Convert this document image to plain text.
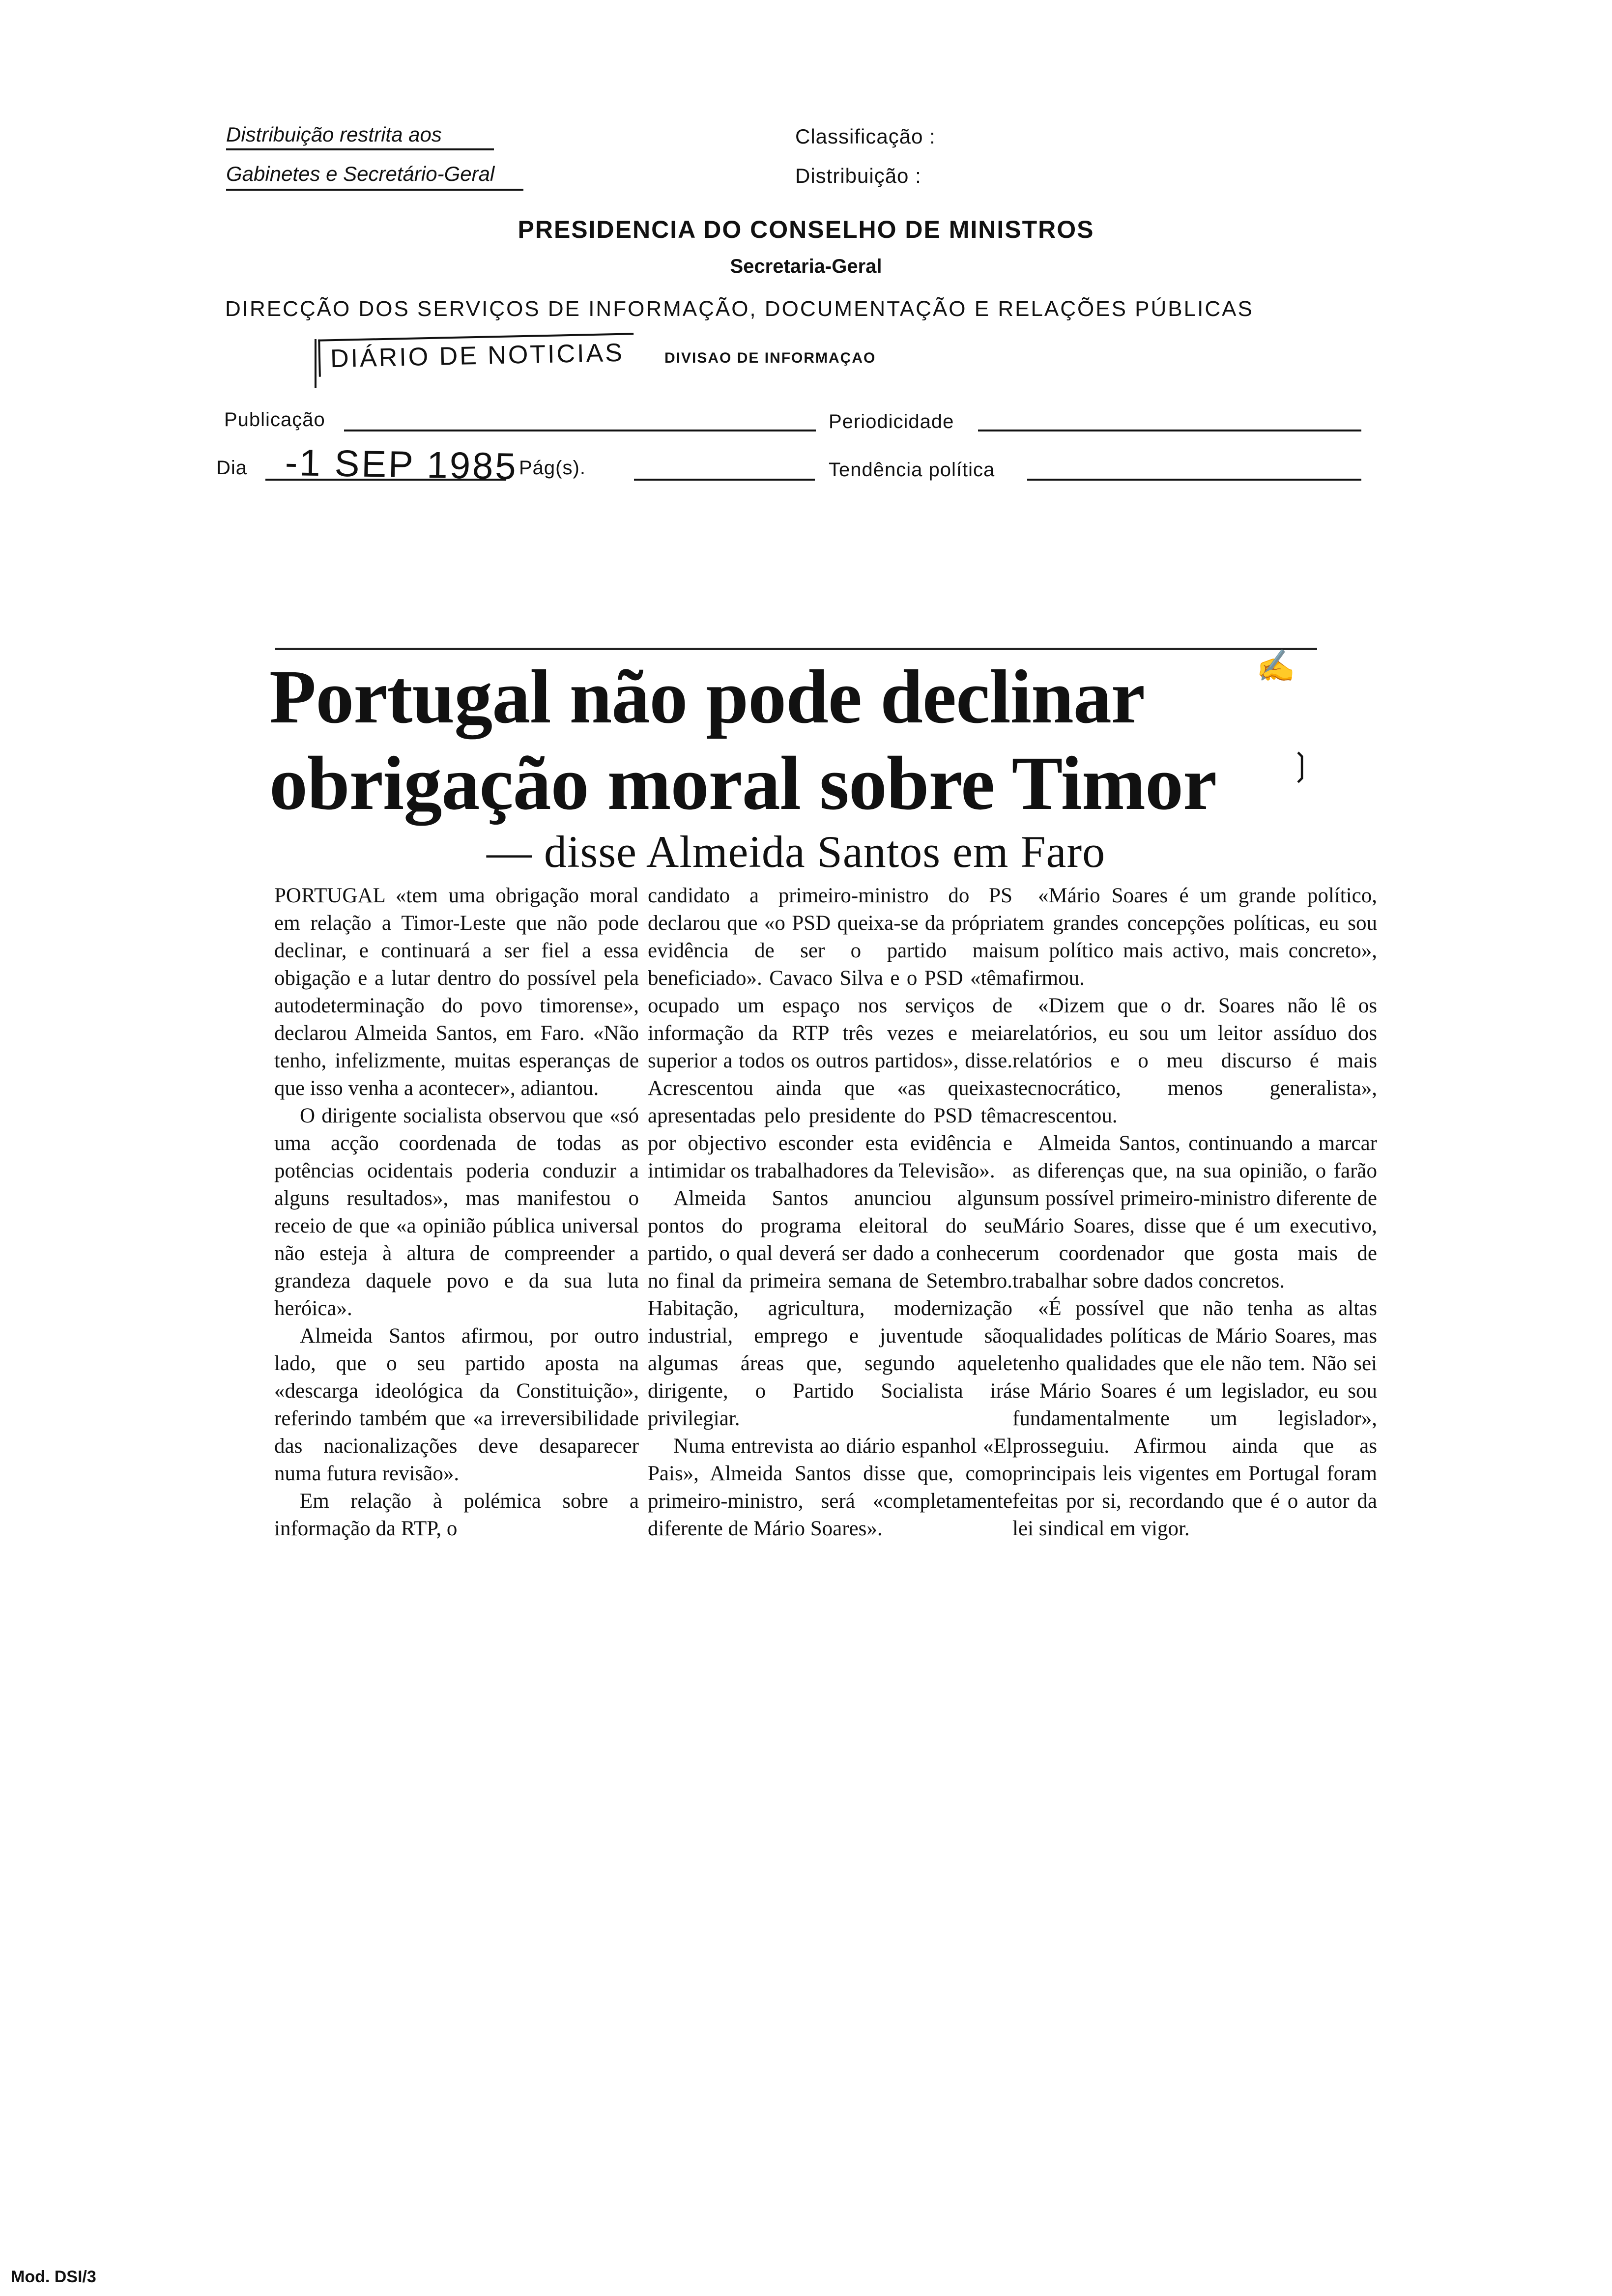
Distribuição restrita aos
Gabinetes e Secretário-Geral
Classificação :
Distribuição :
PRESIDENCIA DO CONSELHO DE MINISTROS
Secretaria-Geral
DIRECÇÃO DOS SERVIÇOS DE INFORMAÇÃO, DOCUMENTAÇÃO E RELAÇÕES PÚBLICAS
DIÁRIO DE NOTICIAS	DIVISAO DE INFORMAÇAO
Publicação	Periodicidade
Dia -1 SEP 1985 Pág(s).	Tendência política
Portugal não pode declinar
obrigação moral sobre Timor
✍
❳
— disse Almeida Santos em Faro

PORTUGAL «tem uma obrigação moral em relação a Timor-Leste que não pode declinar, e continuará a ser fiel a essa obigação e a lutar dentro do possível pela autodeterminação do povo timorense», declarou Almeida Santos, em Faro. «Não tenho, infelizmente, muitas esperanças de que isso venha a acontecer», adiantou.

O dirigente socialista observou que «só uma acção coordenada de todas as potências ocidentais poderia conduzir a alguns resultados», mas manifestou o receio de que «a opinião pública universal não esteja à altura de compreender a grandeza daquele povo e da sua luta heróica».

Almeida Santos afirmou, por outro lado, que o seu partido aposta na «descarga ideológica da Constituição», referindo também que «a irreversibilidade das nacionalizações deve desaparecer numa futura revisão».

Em relação à polémica sobre a informação da RTP, o

candidato a primeiro-ministro do PS declarou que «o PSD queixa-se da própria evidência de ser o partido mais beneficiado». Cavaco Silva e o PSD «têm ocupado um espaço nos serviços de informação da RTP três vezes e meia superior a todos os outros partidos», disse. Acrescentou ainda que «as queixas apresentadas pelo presidente do PSD têm por objectivo esconder esta evidência e intimidar os trabalhadores da Televisão».

Almeida Santos anunciou alguns pontos do programa eleitoral do seu partido, o qual deverá ser dado a conhecer no final da primeira semana de Setembro. Habitação, agricultura, modernização industrial, emprego e juventude são algumas áreas que, segundo aquele dirigente, o Partido Socialista irá privilegiar.

Numa entrevista ao diário espanhol «El Pais», Almeida Santos disse que, como primeiro-ministro, será «completamente diferente de Mário Soares».

«Mário Soares é um grande político, tem grandes concepções políticas, eu sou um político mais activo, mais concreto», afirmou.

«Dizem que o dr. Soares não lê os relatórios, eu sou um leitor assíduo dos relatórios e o meu discurso é mais tecnocrático, menos generalista», acrescentou.

Almeida Santos, continuando a marcar as diferenças que, na sua opinião, o farão um possível primeiro-ministro diferente de Mário Soares, disse que é um executivo, um coordenador que gosta mais de trabalhar sobre dados concretos.

«É possível que não tenha as altas qualidades políticas de Mário Soares, mas tenho qualidades que ele não tem. Não sei se Mário Soares é um legislador, eu sou fundamentalmente um legislador», prosseguiu. Afirmou ainda que as principais leis vigentes em Portugal foram feitas por si, recordando que é o autor da lei sindical em vigor.

Mod. DSI/3
